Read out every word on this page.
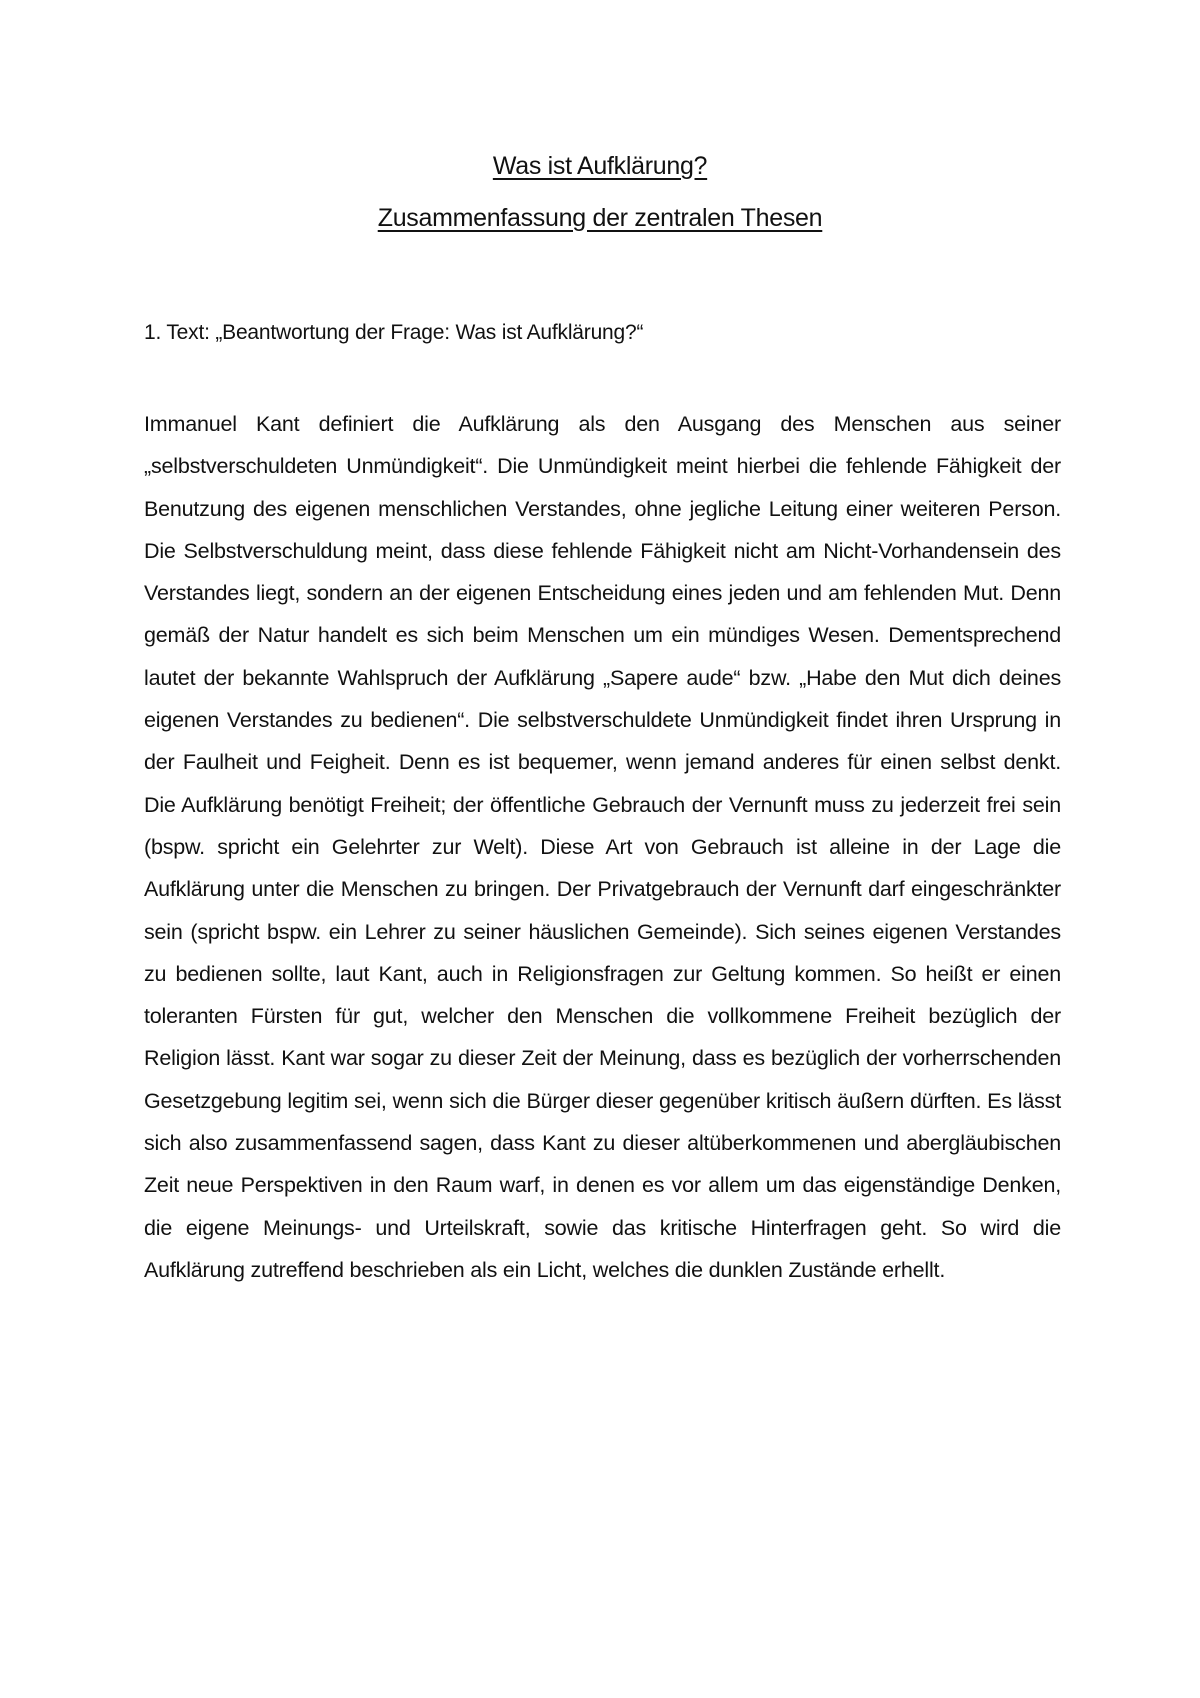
Was ist Aufklärung?
Zusammenfassung der zentralen Thesen

1. Text: „Beantwortung der Frage: Was ist Aufklärung?“

Immanuel Kant definiert die Aufklärung als den Ausgang des Menschen aus seiner „selbstverschuldeten Unmündigkeit“. Die Unmündigkeit meint hierbei die fehlende Fähigkeit der Benutzung des eigenen menschlichen Verstandes, ohne jegliche Leitung einer weiteren Person. Die Selbstverschuldung meint, dass diese fehlende Fähigkeit nicht am Nicht-Vorhandensein des Verstandes liegt, sondern an der eigenen Entscheidung eines jeden und am fehlenden Mut. Denn gemäß der Natur handelt es sich beim Menschen um ein mündiges Wesen. Dementsprechend lautet der bekannte Wahlspruch der Aufklärung „Sapere aude“ bzw. „Habe den Mut dich deines eigenen Verstandes zu bedienen“. Die selbstverschuldete Unmündigkeit findet ihren Ursprung in der Faulheit und Feigheit. Denn es ist bequemer, wenn jemand anderes für einen selbst denkt. Die Aufklärung benötigt Freiheit; der öffentliche Gebrauch der Vernunft muss zu jederzeit frei sein (bspw. spricht ein Gelehrter zur Welt). Diese Art von Gebrauch ist alleine in der Lage die Aufklärung unter die Menschen zu bringen. Der Privatgebrauch der Vernunft darf eingeschränkter sein (spricht bspw. ein Lehrer zu seiner häuslichen Gemeinde). Sich seines eigenen Verstandes zu bedienen sollte, laut Kant, auch in Religionsfragen zur Geltung kommen. So heißt er einen toleranten Fürsten für gut, welcher den Menschen die vollkommene Freiheit bezüglich der Religion lässt. Kant war sogar zu dieser Zeit der Meinung, dass es bezüglich der vorherrschenden Gesetzgebung legitim sei, wenn sich die Bürger dieser gegenüber kritisch äußern dürften. Es lässt sich also zusammenfassend sagen, dass Kant zu dieser altüberkommenen und abergläubischen Zeit neue Perspektiven in den Raum warf, in denen es vor allem um das eigenständige Denken, die eigene Meinungs- und Urteilskraft, sowie das kritische Hinterfragen geht. So wird die Aufklärung zutreffend beschrieben als ein Licht, welches die dunklen Zustände erhellt.
